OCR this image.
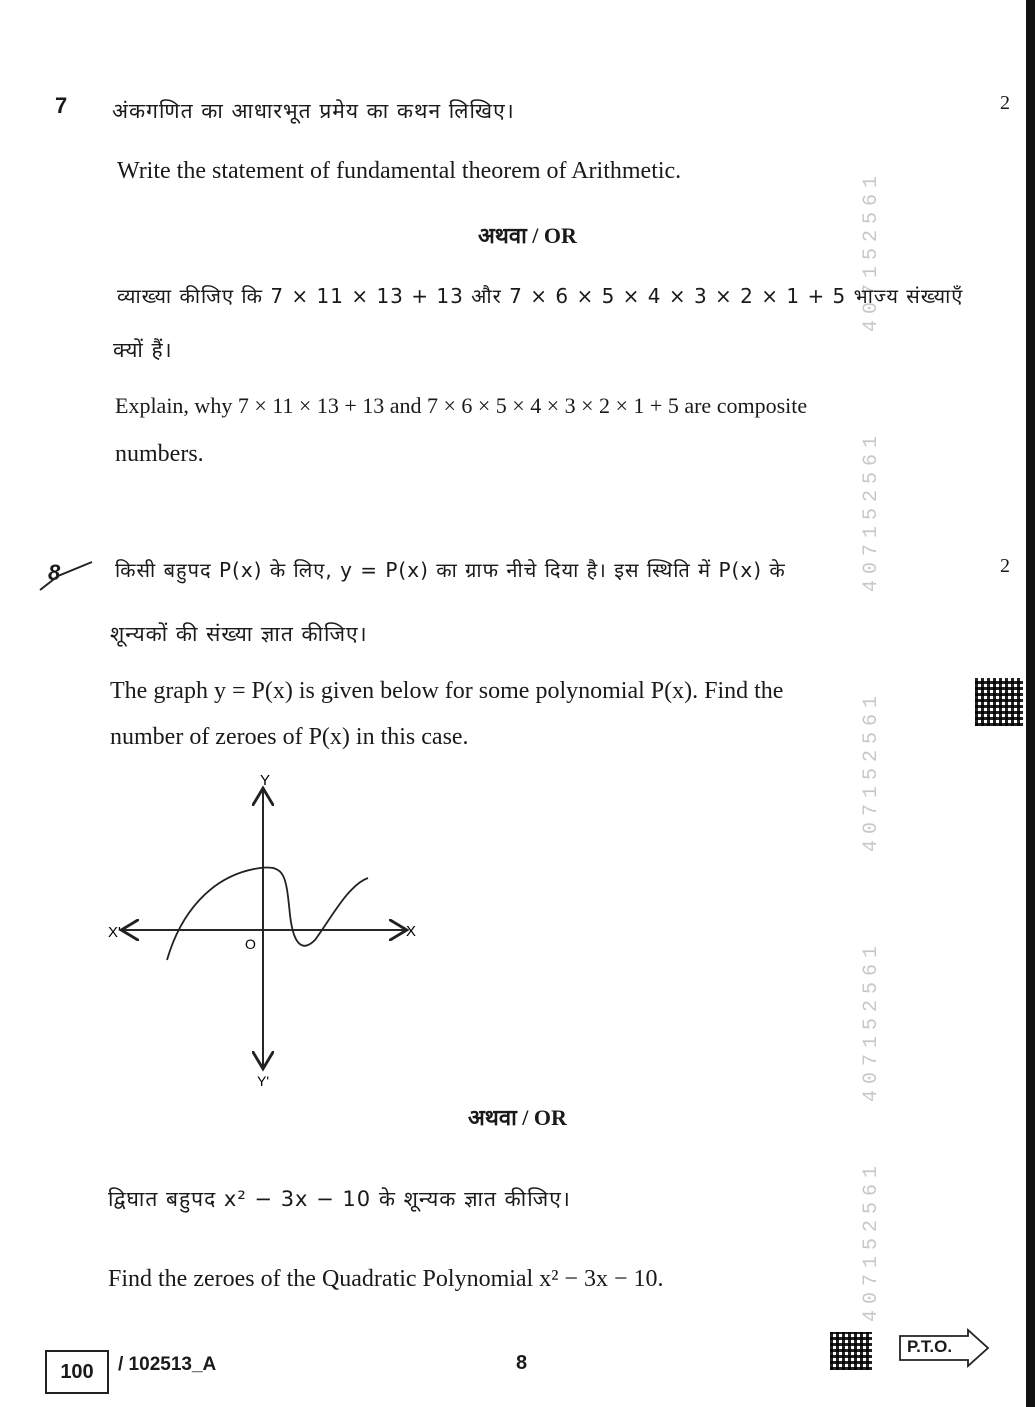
407152561
407152561
407152561
407152561
407152561
7	2
अंकगणित का आधारभूत प्रमेय का कथन लिखिए।
Write the statement of fundamental theorem of Arithmetic.
अथवा / OR
व्याख्या कीजिए कि 7 × 11 × 13 + 13 और 7 × 6 × 5 × 4 × 3 × 2 × 1 + 5 भाज्य संख्याएँ
क्यों हैं।
Explain, why 7 × 11 × 13 + 13 and 7 × 6 × 5 × 4 × 3 × 2 × 1 + 5 are composite
numbers.
8	2
किसी बहुपद P(x) के लिए, y = P(x) का ग्राफ नीचे दिया है। इस स्थिति में P(x) के
शून्यकों की संख्या ज्ञात कीजिए।
The graph y = P(x) is given below for some polynomial P(x). Find the
number of zeroes of P(x) in this case.
Y
Y'
X
X'
O
अथवा / OR
द्विघात बहुपद x² − 3x − 10 के शून्यक ज्ञात कीजिए।
Find the zeroes of the Quadratic Polynomial x² − 3x − 10.
100	/ 102513_A	8
P.T.O.
